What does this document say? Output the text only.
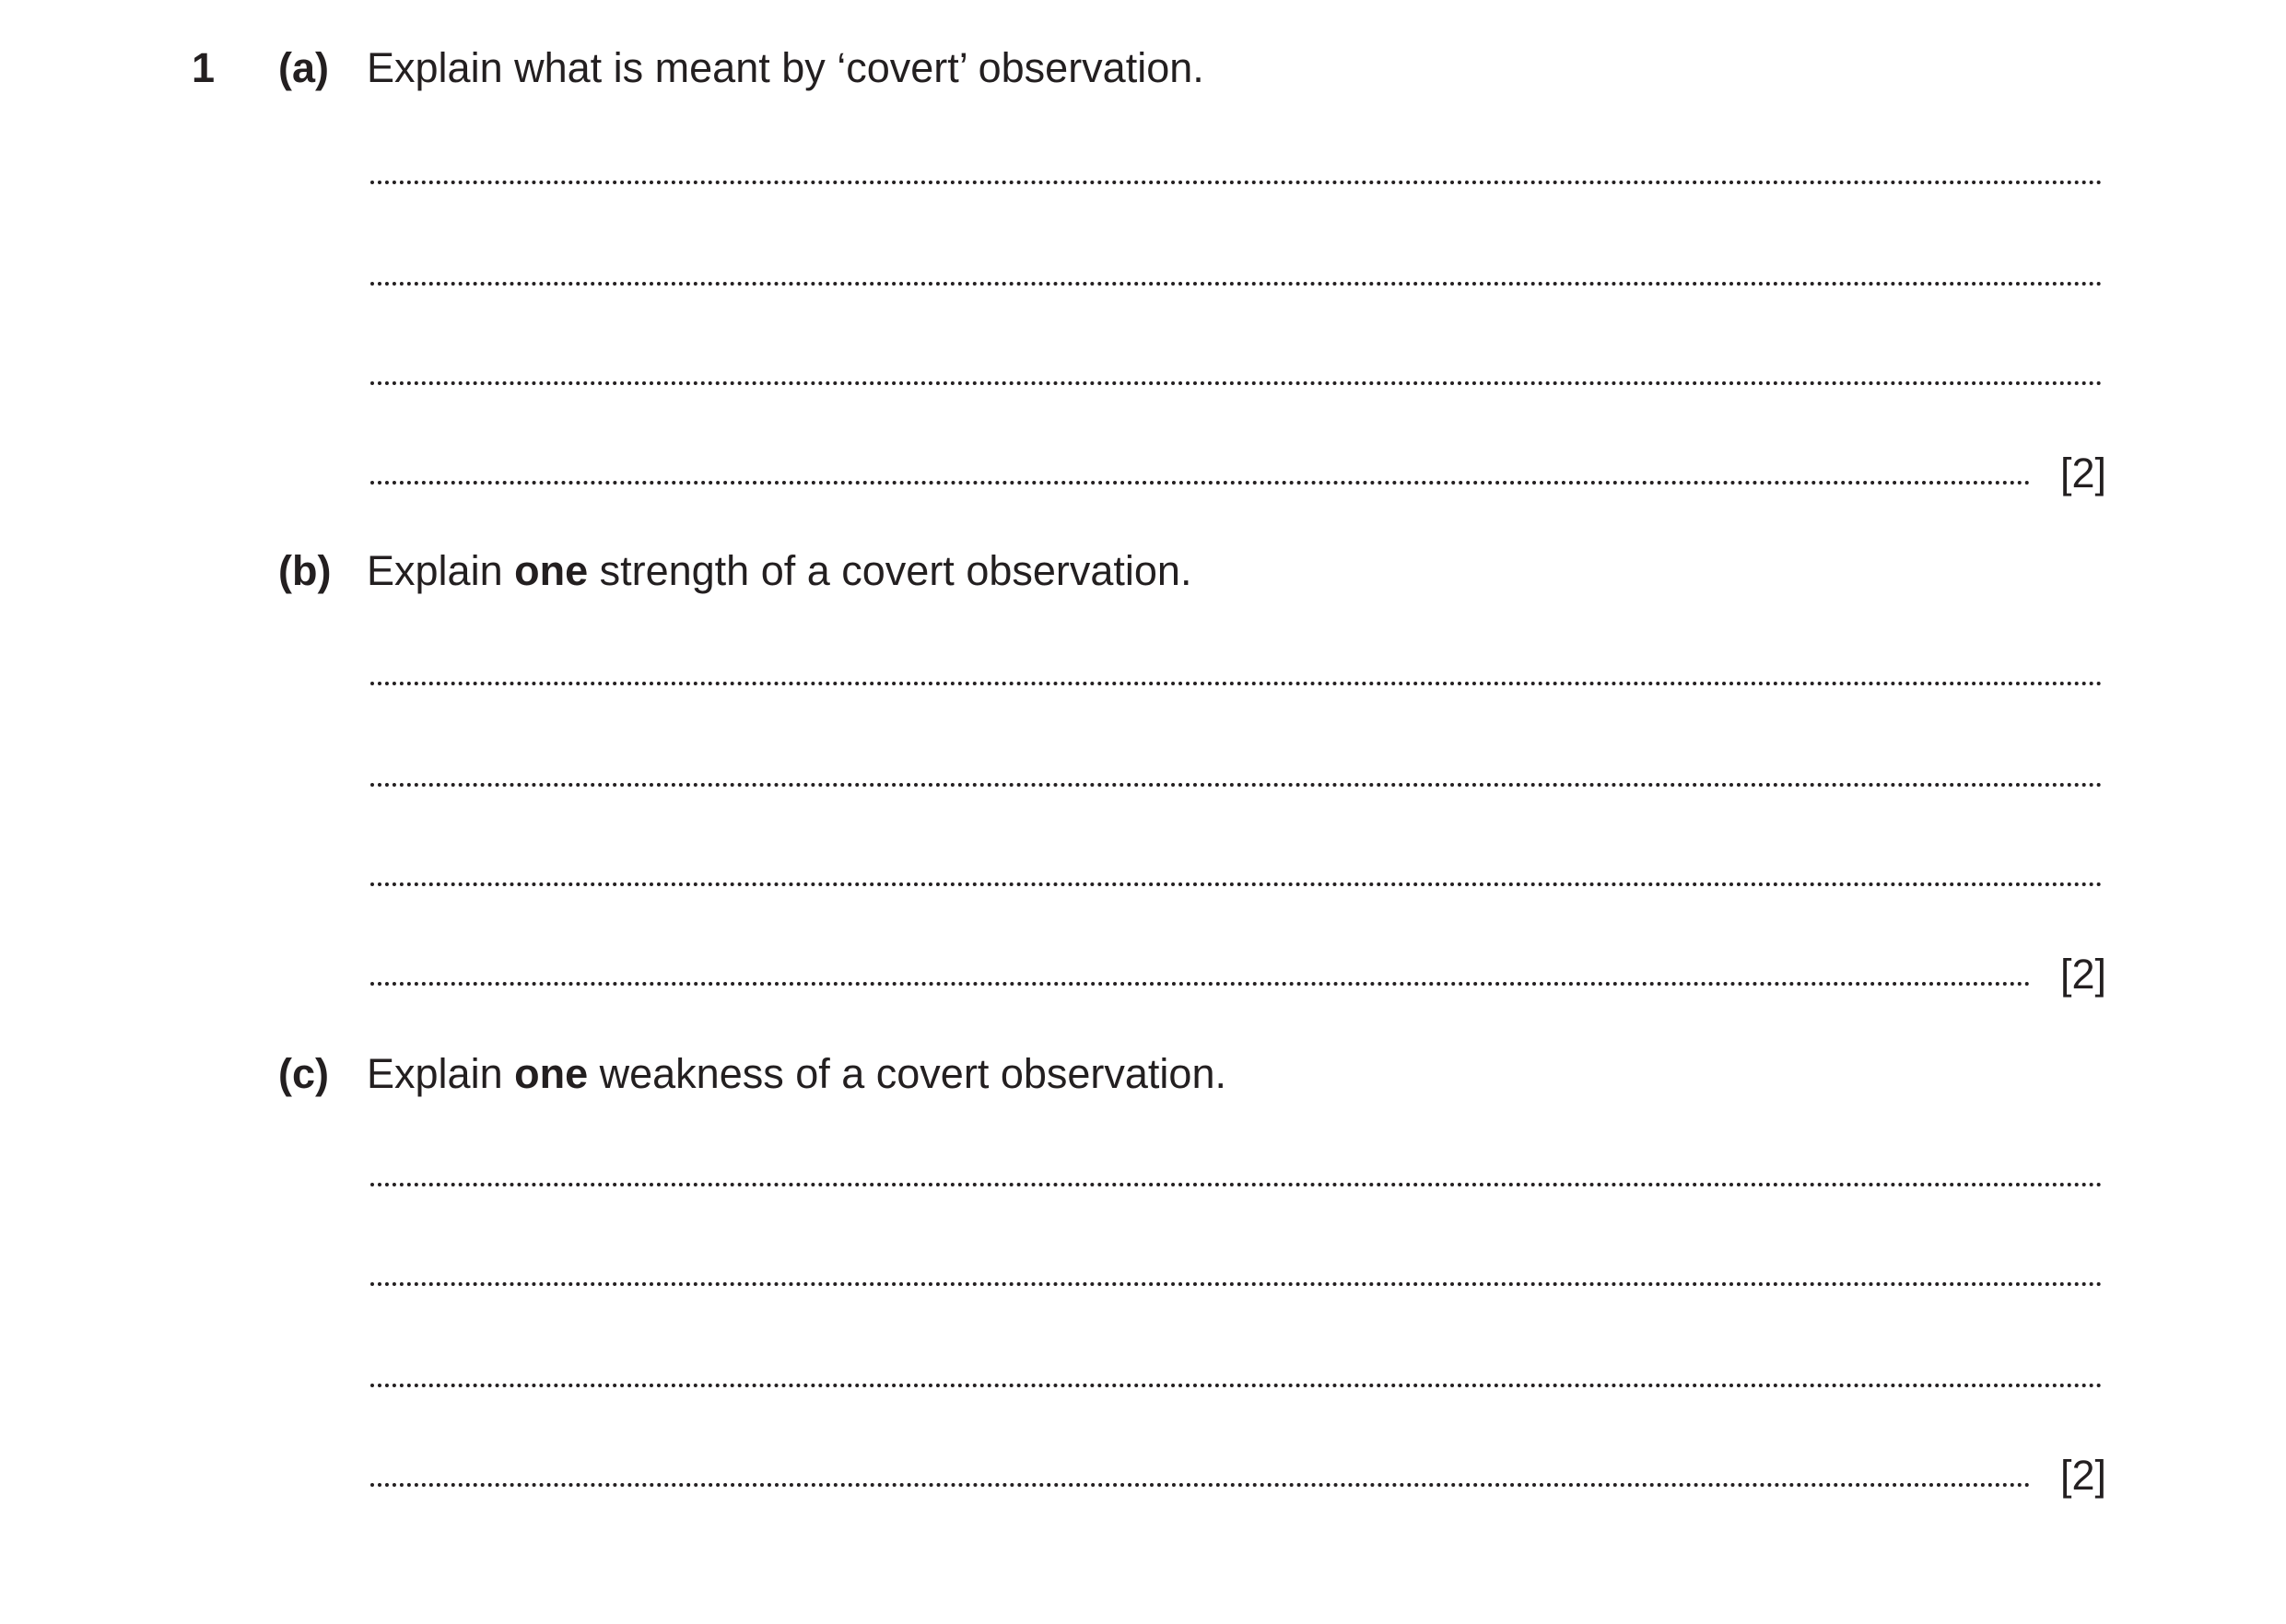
1 (a) Explain what is meant by ‘covert’ observation.
[2]
(b) Explain one strength of a covert observation.
[2]
(c) Explain one weakness of a covert observation.
[2]
